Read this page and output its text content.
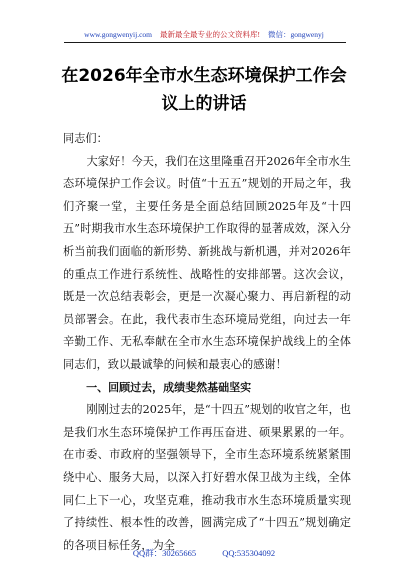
www.gongwenyij.com 最新最全最专业的公文资料库! 微信：gongwenyj
在2026年全市水生态环境保护工作会议上的讲话

同志们：

大家好！今天，我们在这里隆重召开2026年全市水生态环境保护工作会议。时值“十五五”规划的开局之年，我们齐聚一堂，主要任务是全面总结回顾2025年及“十四五”时期我市水生态环境保护工作取得的显著成效，深入分析当前我们面临的新形势、新挑战与新机遇，并对2026年的重点工作进行系统性、战略性的安排部署。这次会议，既是一次总结表彰会，更是一次凝心聚力、再启新程的动员部署会。在此，我代表市生态环境局党组，向过去一年辛勤工作、无私奉献在全市水生态环境保护战线上的全体同志们，致以最诚挚的问候和最衷心的感谢！

一、回顾过去，成绩斐然基础坚实

刚刚过去的2025年，是“十四五”规划的收官之年，也是我们水生态环境保护工作再压奋进、硕果累累的一年。在市委、市政府的坚强领导下，全市生态环境系统紧紧围绕中心、服务大局，以深入打好碧水保卫战为主线，全体同仁上下一心，攻坚克难，推动我市水生态环境质量实现了持续性、根本性的改善，圆满完成了“十四五”规划确定的各项目标任务，为全

QQ群：30265665	QQ:535304092
